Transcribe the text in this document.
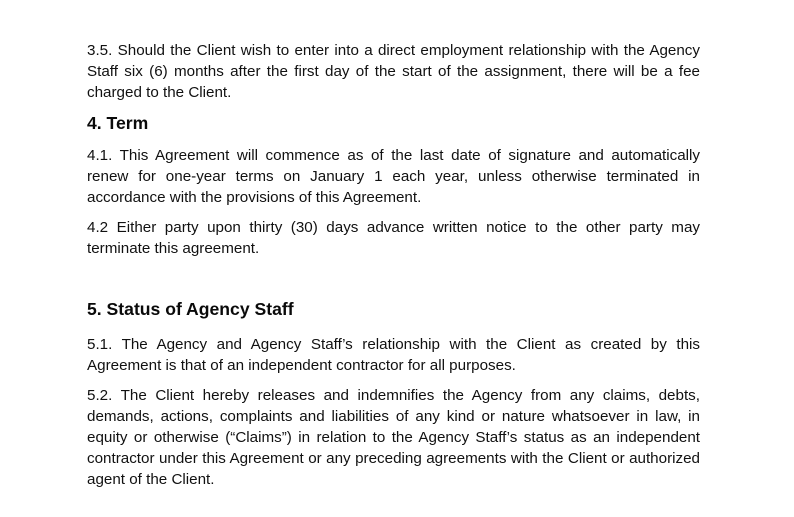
3.5. Should the Client wish to enter into a direct employment relationship with the Agency Staff six (6) months after the first day of the start of the assignment, there will be a fee charged to the Client.

4. Term

4.1. This Agreement will commence as of the last date of signature and automatically renew for one-year terms on January 1 each year, unless otherwise terminated in accordance with the provisions of this Agreement.

4.2 Either party upon thirty (30) days advance written notice to the other party may terminate this agreement.

5. Status of Agency Staff

5.1. The Agency and Agency Staff’s relationship with the Client as created by this Agreement is that of an independent contractor for all purposes.

5.2. The Client hereby releases and indemnifies the Agency from any claims, debts, demands, actions, complaints and liabilities of any kind or nature whatsoever in law, in equity or otherwise (“Claims”) in relation to the Agency Staff’s status as an independent contractor under this Agreement or any preceding agreements with the Client or authorized agent of the Client.
